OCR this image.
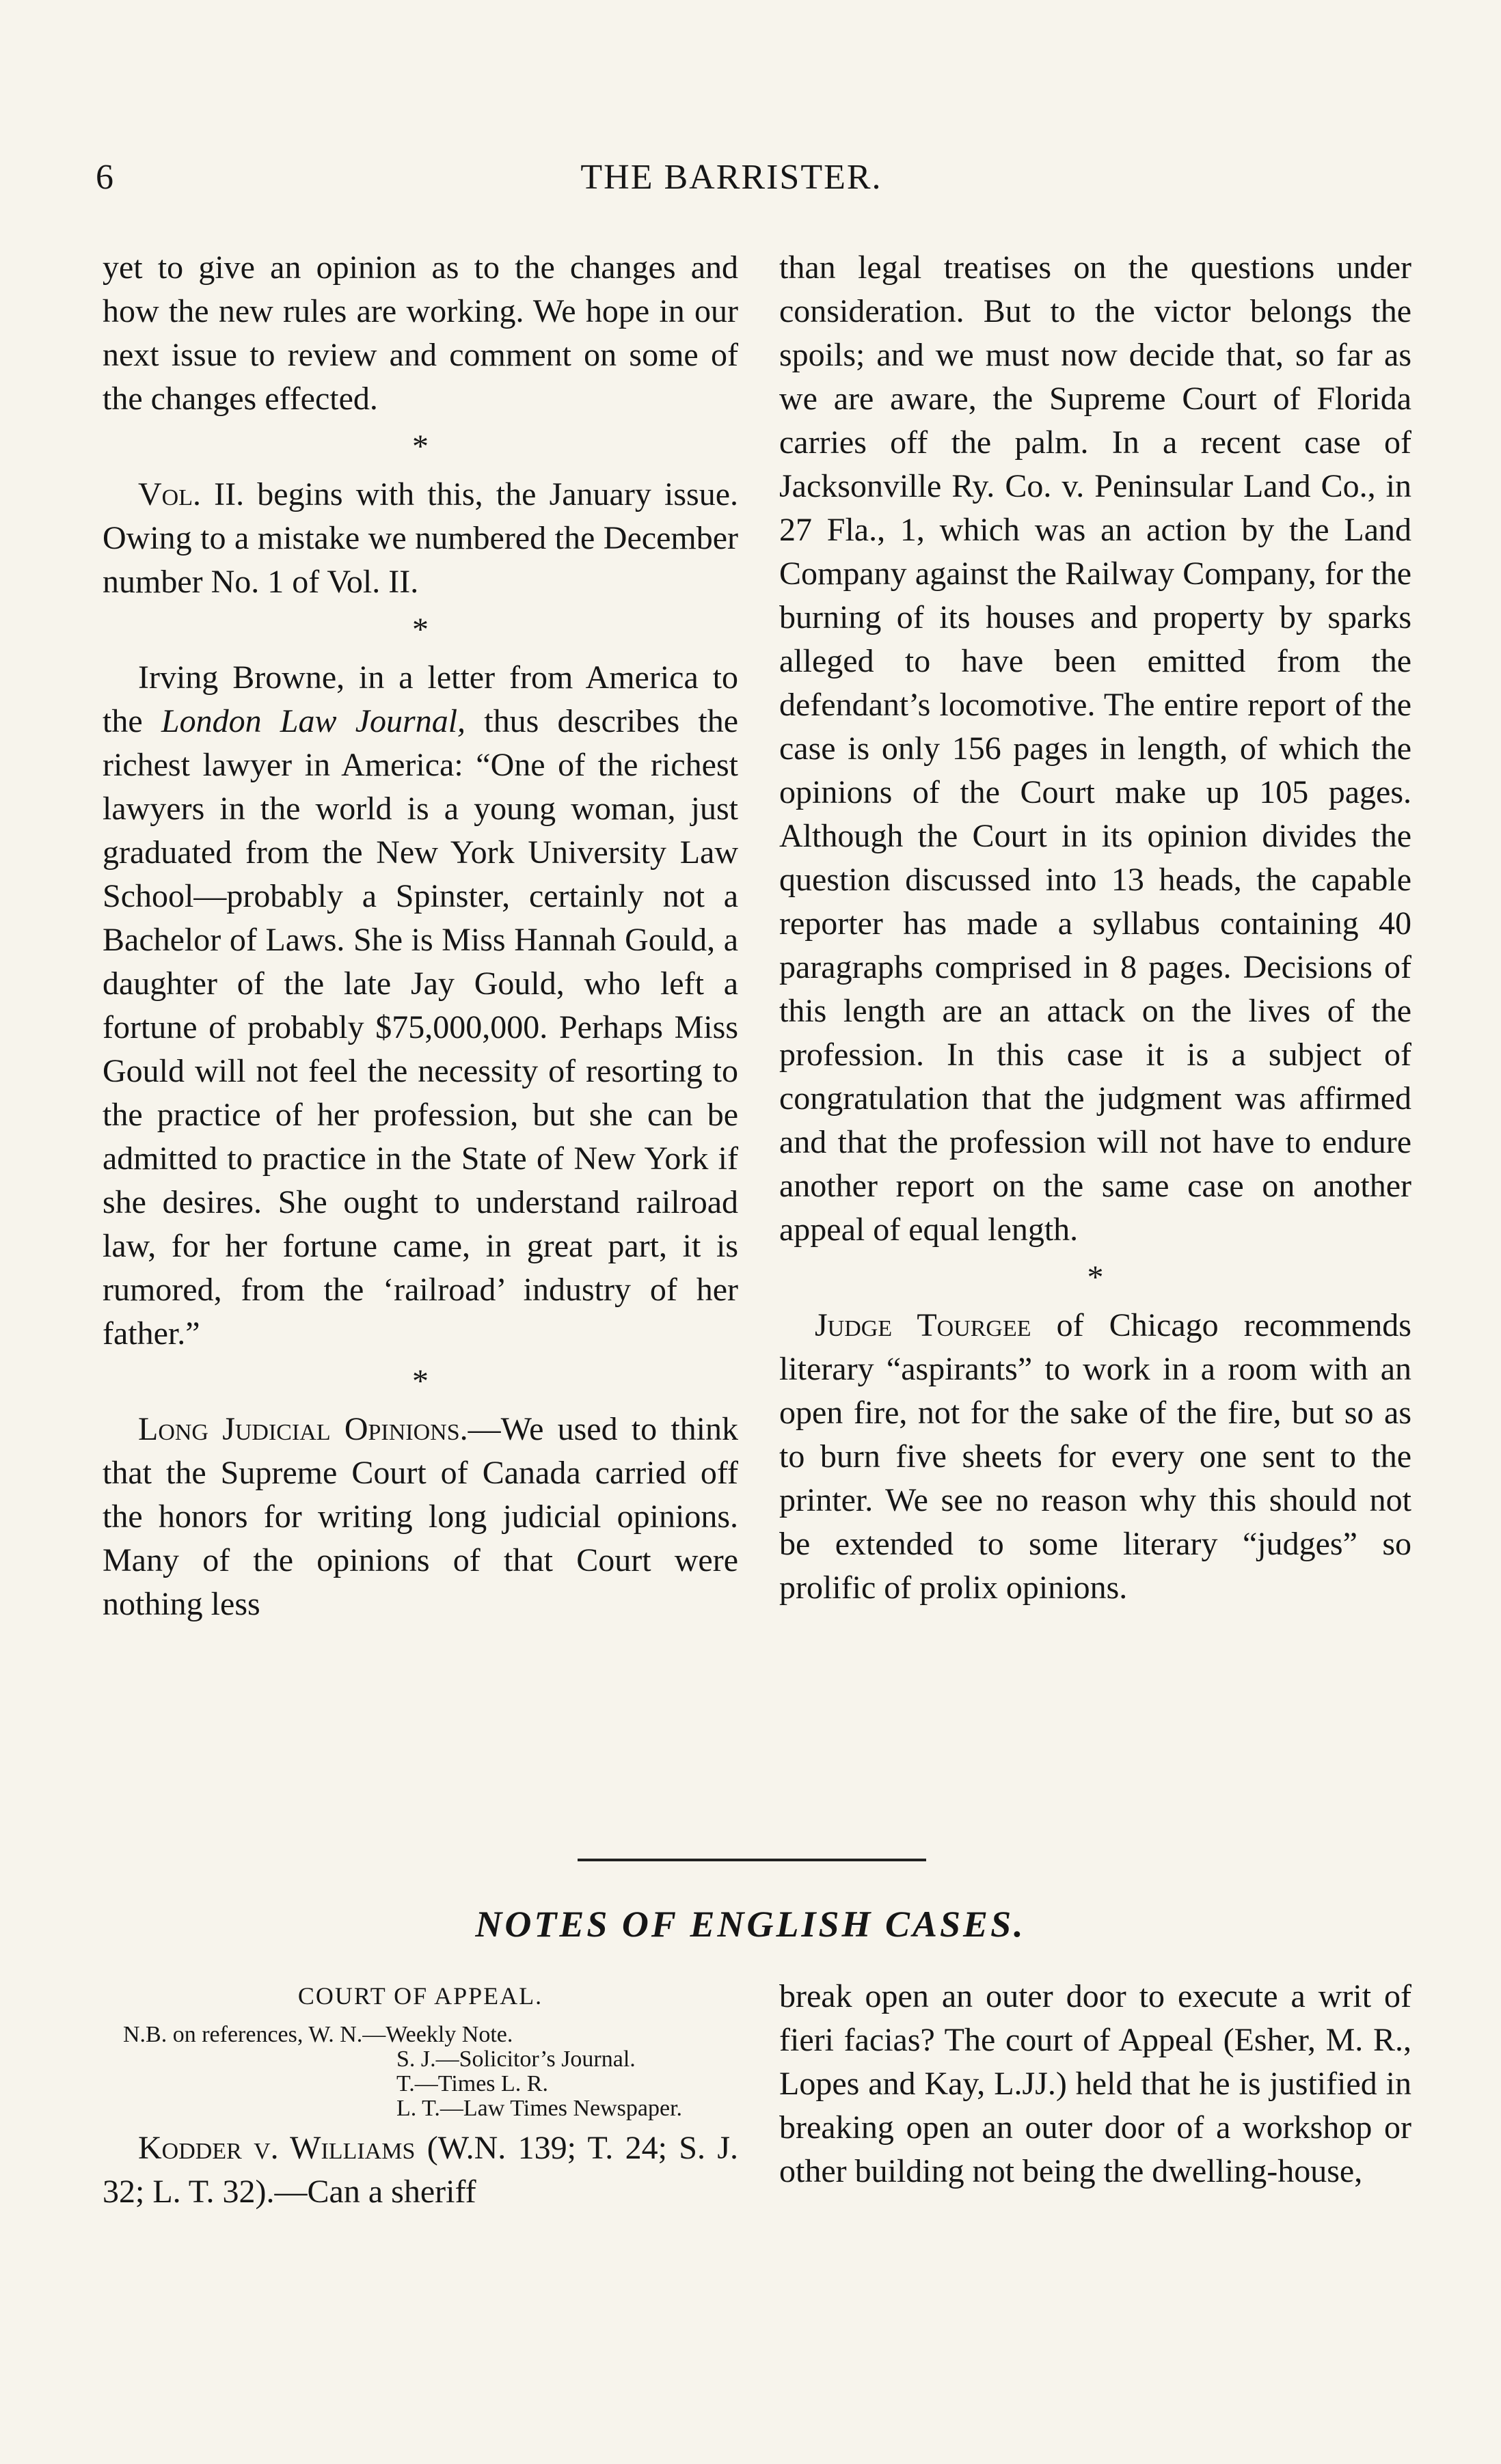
6	THE BARRISTER.

yet to give an opinion as to the changes and how the new rules are working. We hope in our next issue to review and comment on some of the changes effected.

*

Vol. II. begins with this, the January issue. Owing to a mistake we numbered the December number No. 1 of Vol. II.

*

Irving Browne, in a letter from America to the London Law Journal, thus describes the richest lawyer in America: “One of the richest lawyers in the world is a young woman, just graduated from the New York University Law School—probably a Spinster, certainly not a Bachelor of Laws. She is Miss Hannah Gould, a daughter of the late Jay Gould, who left a fortune of probably $75,000,000. Perhaps Miss Gould will not feel the necessity of resorting to the practice of her profession, but she can be admitted to practice in the State of New York if she desires. She ought to understand railroad law, for her fortune came, in great part, it is rumored, from the ‘railroad’ industry of her father.”

*

Long Judicial Opinions.—We used to think that the Supreme Court of Canada carried off the honors for writing long judicial opinions. Many of the opinions of that Court were nothing less

than legal treatises on the questions under consideration. But to the victor belongs the spoils; and we must now decide that, so far as we are aware, the Supreme Court of Florida carries off the palm. In a recent case of Jacksonville Ry. Co. v. Peninsular Land Co., in 27 Fla., 1, which was an action by the Land Company against the Railway Company, for the burning of its houses and property by sparks alleged to have been emitted from the defendant’s locomotive. The entire report of the case is only 156 pages in length, of which the opinions of the Court make up 105 pages. Although the Court in its opinion divides the question discussed into 13 heads, the capable reporter has made a syllabus containing 40 paragraphs comprised in 8 pages. Decisions of this length are an attack on the lives of the profession. In this case it is a subject of congratulation that the judgment was affirmed and that the profession will not have to endure another report on the same case on another appeal of equal length.

*

Judge Tourgee of Chicago recommends literary “aspirants” to work in a room with an open fire, not for the sake of the fire, but so as to burn five sheets for every one sent to the printer. We see no reason why this should not be extended to some literary “judges” so prolific of prolix opinions.

NOTES OF ENGLISH CASES.
COURT OF APPEAL.
N.B. on references, W. N.—Weekly Note.
S. J.—Solicitor’s Journal.
T.—Times L. R.
L. T.—Law Times Newspaper.
Kodder v. Williams (W.N. 139; T. 24; S. J. 32; L. T. 32).—Can a sheriff
break open an outer door to execute a writ of fieri facias? The court of Appeal (Esher, M. R., Lopes and Kay, L.JJ.) held that he is justified in breaking open an outer door of a workshop or other building not being the dwelling-house,
